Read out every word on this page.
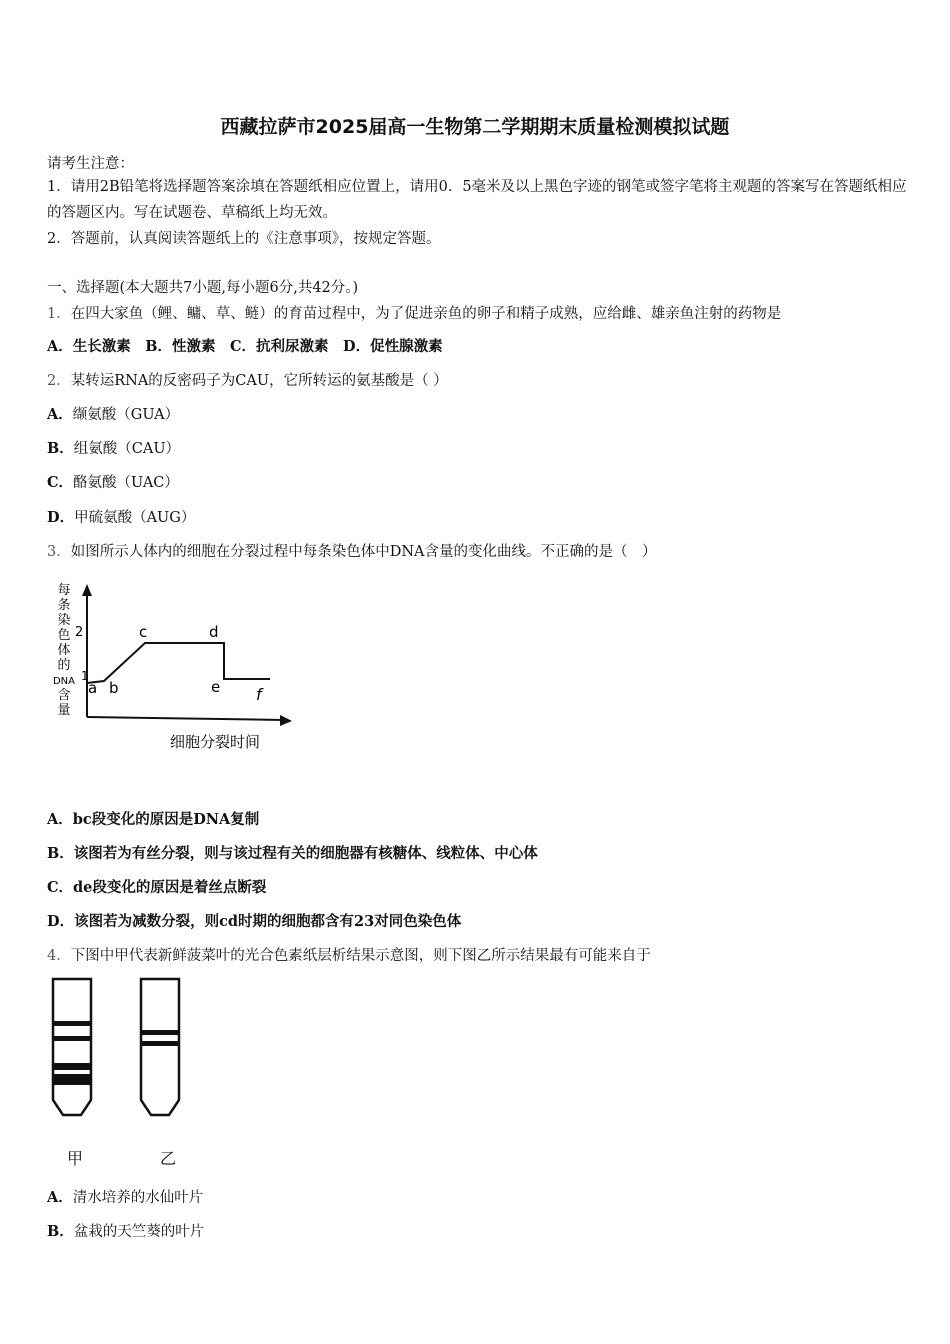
西藏拉萨市2025届高一生物第二学期期末质量检测模拟试题
请考生注意：
1．请用2B铅笔将选择题答案涂填在答题纸相应位置上，请用0．5毫米及以上黑色字迹的钢笔或签字笔将主观题的答案写在答题纸相应的答题区内。写在试题卷、草稿纸上均无效。
2．答题前，认真阅读答题纸上的《注意事项》，按规定答题。
一、选择题(本大题共7小题,每小题6分,共42分。)
1．在四大家鱼（鲤、鳙、草、鲢）的育苗过程中，为了促进亲鱼的卵子和精子成熟，应给雌、雄亲鱼注射的药物是
A．生长激素　B．性激素　C．抗利尿激素　D．促性腺激素
2．某转运RNA的反密码子为CAU，它所转运的氨基酸是（ ）
A．缬氨酸（GUA）
B．组氨酸（CAU）
C．酪氨酸（UAC）
D．甲硫氨酸（AUG）
3．如图所示人体内的细胞在分裂过程中每条染色体中DNA含量的变化曲线。不正确的是（　）
每条染色体的 DNA 含量
2
1
a b
c	d
e f
细胞分裂时间
A．bc段变化的原因是DNA复制
B．该图若为有丝分裂，则与该过程有关的细胞器有核糖体、线粒体、中心体
C．de段变化的原因是着丝点断裂
D．该图若为减数分裂，则cd时期的细胞都含有23对同色染色体
4．下图中甲代表新鲜菠菜叶的光合色素纸层析结果示意图，则下图乙所示结果最有可能来自于
甲	乙
A．清水培养的水仙叶片
B．盆栽的天竺葵的叶片
